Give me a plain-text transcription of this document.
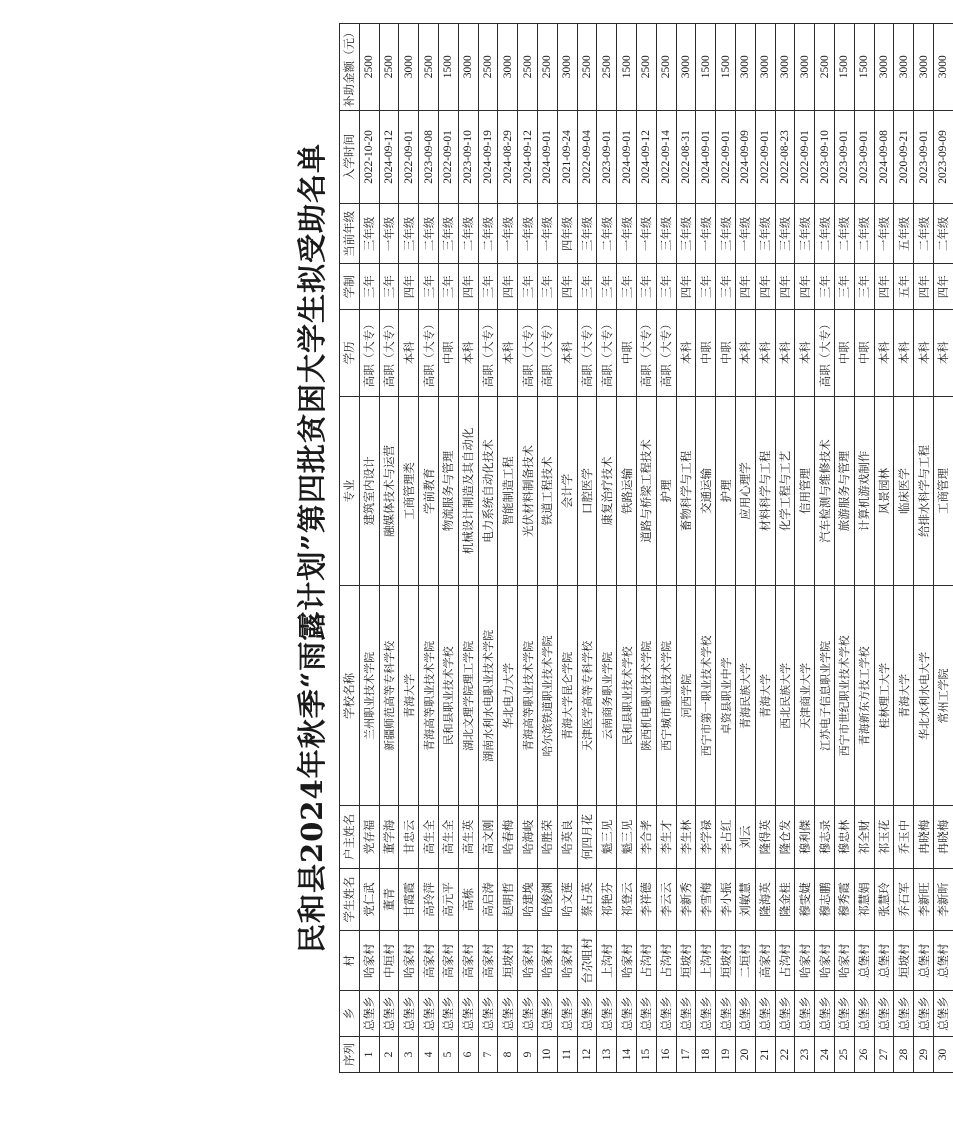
民和县2024年秋季“雨露计划”第四批贫困大学生拟受助名单
序列	乡	村	学生姓名	户主姓名	学校名称	专业	学历	学制	当前年级	入学时间	补助金额（元）
1	总堡乡	哈家村	党仁武	党存福	兰州职业技术学院	建筑室内设计	高职（大专）	三年	三年级	2022-10-20	2500
2	总堡乡	中垣村	董青	董学海	新疆师范高等专科学校	融媒体技术与运营	高职（大专）	三年	一年级	2024-09-12	2500
3	总堡乡	哈家村	甘霞霞	甘忠云	青海大学	工商管理类	本科	四年	三年级	2022-09-01	3000
4	总堡乡	高家村	高玲萍	高生全	青海高等职业技术学院	学前教育	高职（大专）	三年	二年级	2023-09-08	2500
5	总堡乡	高家村	高元平	高生全	民和县职业技术学校	物流服务与管理	中职	三年	三年级	2022-09-01	1500
6	总堡乡	高家村	高栋	高生英	湖北文理学院理工学院	机械设计制造及其自动化	本科	四年	二年级	2023-09-10	3000
7	总堡乡	高家村	高启涛	高文刚	湖南水利水电职业技术学院	电力系统自动化技术	高职（大专）	三年	二年级	2024-09-19	2500
8	总堡乡	垣坡村	赵明哲	哈春梅	华北电力大学	智能制造工程	本科	四年	一年级	2024-08-29	3000
9	总堡乡	哈家村	哈建堍	哈海岐	青海高等职业技术学院	光伏材料制备技术	高职（大专）	三年	一年级	2024-09-12	2500
10	总堡乡	哈家村	哈俊渊	哈胜荣	哈尔滨铁道职业技术学院	铁道工程技术	高职（大专）	三年	一年级	2024-09-01	2500
11	总堡乡	哈家村	哈文莲	哈英良	青海大学昆仑学院	会计学	本科	四年	四年级	2021-09-24	3000
12	总堡乡	台尕咀村	蔡占英	何四月花	天津医学高等专科学校	口腔医学	高职（大专）	三年	三年级	2022-09-04	2500
13	总堡乡	上沟村	祁艳芬	魁三见	云南商务职业学院	康复治疗技术	高职（大专）	三年	二年级	2023-09-01	2500
14	总堡乡	哈家村	祁登云	魁三见	民和县职业技术学校	铁路运输	中职	三年	一年级	2024-09-01	1500
15	总堡乡	占沟村	李祥德	李合孝	陕西机电职业技术学院	道路与桥梁工程技术	高职（大专）	三年	一年级	2024-09-12	2500
16	总堡乡	占沟村	李云云	李生才	西宁城市职业技术学院	护理	高职（大专）	三年	三年级	2022-09-14	2500
17	总堡乡	垣坡村	李新秀	李生林	河西学院	畜物科学与工程	本科	四年	三年级	2022-08-31	3000
18	总堡乡	上沟村	李雪梅	李学禄	西宁市第一职业技术学校	交通运输	中职	三年	一年级	2024-09-01	1500
19	总堡乡	垣坡村	李小振	李占红	卓资县职业中学	护理	中职	三年	三年级	2022-09-01	1500
20	总堡乡	二垣村	刘敏慧	刘云	青海民族大学	应用心理学	本科	四年	一年级	2024-09-09	3000
21	总堡乡	高家村	隆海英	隆得英	青海大学	材料科学与工程	本科	四年	三年级	2022-09-01	3000
22	总堡乡	占沟村	隆金桂	隆仓发	西北民族大学	化学工程与工艺	本科	四年	三年级	2022-08-23	3000
23	总堡乡	哈家村	穆雯婕	穆利傑	天津商业大学	信用管理	本科	四年	三年级	2022-09-01	3000
24	总堡乡	哈家村	穆志鹏	穆志录	江苏电子信息职业学院	汽车检测与维修技术	高职（大专）	三年	二年级	2023-09-10	2500
25	总堡乡	哈家村	穆秀霞	穆忠林	西宁市世纪职业技术学校	旅游服务与管理	中职	三年	二年级	2023-09-01	1500
26	总堡乡	总堡村	祁慧娟	祁全财	青海新东方技工学校	计算机游戏制作	中职	三年	二年级	2023-09-01	1500
27	总堡乡	总堡村	张慧玲	祁玉花	桂林理工大学	风景园林	本科	四年	一年级	2024-09-08	3000
28	总堡乡	垣坡村	乔石军	乔玉中	青海大学	临床医学	本科	五年	五年级	2020-09-21	3000
29	总堡乡	总堡村	李新旺	冉晓梅	华北水利水电大学	给排水科学与工程	本科	四年	二年级	2023-09-01	3000
30	总堡乡	总堡村	李新昕	冉晓梅	常州工学院	工商管理	本科	四年	二年级	2023-09-09	3000
